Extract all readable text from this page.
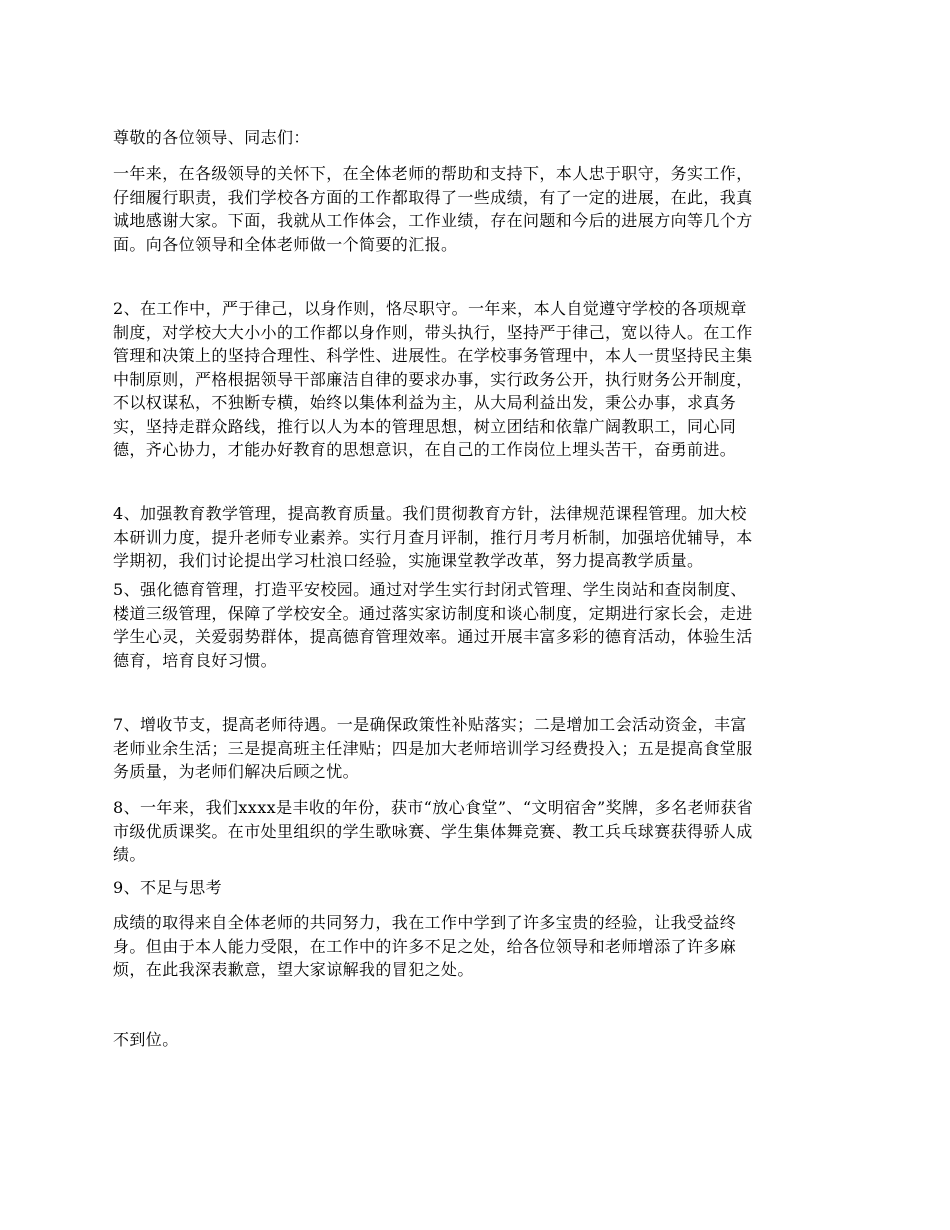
尊敬的各位领导、同志们：

一年来，在各级领导的关怀下，在全体老师的帮助和支持下，本人忠于职守，务实工作，
仔细履行职责，我们学校各方面的工作都取得了一些成绩，有了一定的进展，在此，我真
诚地感谢大家。下面，我就从工作体会，工作业绩，存在问题和今后的进展方向等几个方
面。向各位领导和全体老师做一个简要的汇报。

2、在工作中，严于律己，以身作则，恪尽职守。一年来，本人自觉遵守学校的各项规章
制度，对学校大大小小的工作都以身作则，带头执行，坚持严于律己，宽以待人。在工作
管理和决策上的坚持合理性、科学性、进展性。在学校事务管理中，本人一贯坚持民主集
中制原则，严格根据领导干部廉洁自律的要求办事，实行政务公开，执行财务公开制度，
不以权谋私，不独断专横，始终以集体利益为主，从大局利益出发，秉公办事，求真务
实，坚持走群众路线，推行以人为本的管理思想，树立团结和依靠广阔教职工，同心同
德，齐心协力，才能办好教育的思想意识，在自己的工作岗位上埋头苦干，奋勇前进。

4、加强教育教学管理，提高教育质量。我们贯彻教育方针，法律规范课程管理。加大校
本研训力度，提升老师专业素养。实行月查月评制，推行月考月析制，加强培优辅导，本
学期初，我们讨论提出学习杜浪口经验，实施课堂教学改革，努力提高教学质量。

5、强化德育管理，打造平安校园。通过对学生实行封闭式管理、学生岗站和查岗制度、
楼道三级管理，保障了学校安全。通过落实家访制度和谈心制度，定期进行家长会，走进
学生心灵，关爱弱势群体，提高德育管理效率。通过开展丰富多彩的德育活动，体验生活
德育，培育良好习惯。

7、增收节支，提高老师待遇。一是确保政策性补贴落实；二是增加工会活动资金，丰富
老师业余生活；三是提高班主任津贴；四是加大老师培训学习经费投入；五是提高食堂服
务质量，为老师们解决后顾之忧。

8、一年来，我们xxxx是丰收的年份，获市“放心食堂”、“文明宿舍”奖牌，多名老师获省
市级优质课奖。在市处里组织的学生歌咏赛、学生集体舞竞赛、教工兵乓球赛获得骄人成
绩。

9、不足与思考

成绩的取得来自全体老师的共同努力，我在工作中学到了许多宝贵的经验，让我受益终
身。但由于本人能力受限，在工作中的许多不足之处，给各位领导和老师增添了许多麻
烦，在此我深表歉意，望大家谅解我的冒犯之处。

不到位。
